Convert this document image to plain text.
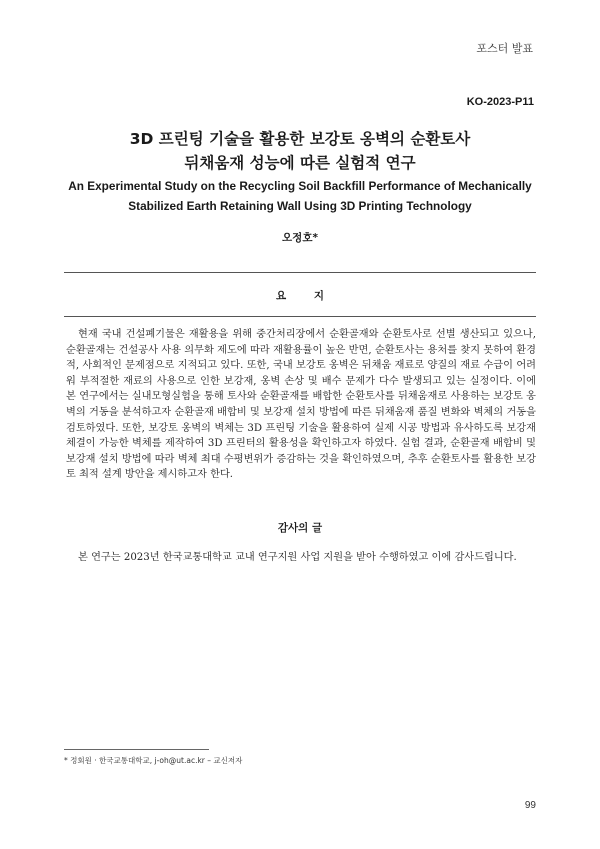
포스터 발표
KO-2023-P11
3D 프린팅 기술을 활용한 보강토 옹벽의 순환토사
뒤채움재 성능에 따른 실험적 연구
An Experimental Study on the Recycling Soil Backfill Performance of Mechanically
Stabilized Earth Retaining Wall Using 3D Printing Technology
오정호*
요 지
현재 국내 건설폐기물은 재활용을 위해 중간처리장에서 순환골재와 순환토사로 선별 생산되고 있으나, 순환골재는 건설공사 사용 의무화 제도에 따라 재활용률이 높은 반면, 순환토사는 용처를 찾지 못하여 환경적, 사회적인 문제점으로 지적되고 있다. 또한, 국내 보강토 옹벽은 뒤채움 재료로 양질의 재료 수급이 어려워 부적절한 재료의 사용으로 인한 보강재, 옹벽 손상 및 배수 문제가 다수 발생되고 있는 실정이다. 이에 본 연구에서는 실내모형실험을 통해 토사와 순환골재를 배합한 순환토사를 뒤채움재로 사용하는 보강토 옹벽의 거동을 분석하고자 순환골재 배합비 및 보강재 설치 방법에 따른 뒤채움재 품질 변화와 벽체의 거동을 검토하였다. 또한, 보강토 옹벽의 벽체는 3D 프린팅 기술을 활용하여 실제 시공 방법과 유사하도록 보강재 체결이 가능한 벽체를 제작하여 3D 프린터의 활용성을 확인하고자 하였다. 실험 결과, 순환골재 배합비 및 보강재 설치 방법에 따라 벽체 최대 수평변위가 증감하는 것을 확인하였으며, 추후 순환토사를 활용한 보강토 최적 설계 방안을 제시하고자 한다.
감사의 글
본 연구는 2023년 한국교통대학교 교내 연구지원 사업 지원을 받아 수행하였고 이에 감사드립니다.
* 정회원 · 한국교통대학교, j-oh@ut.ac.kr – 교신저자
99
